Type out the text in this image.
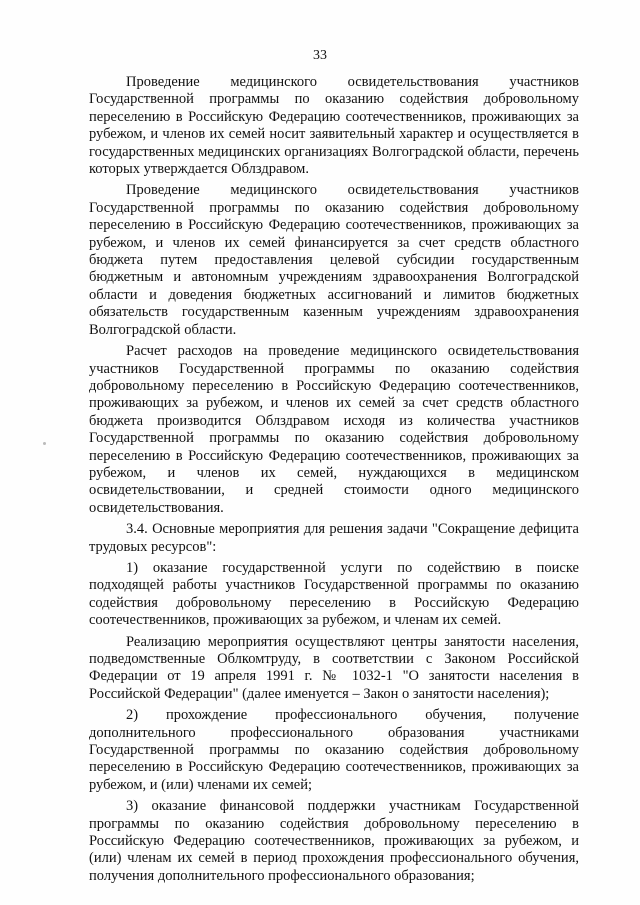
33

Проведение медицинского освидетельствования участников Государственной программы по оказанию содействия добровольному переселению в Российскую Федерацию соотечественников, проживающих за рубежом, и членов их семей носит заявительный характер и осуществляется в государственных медицинских организациях Волгоградской области, перечень которых утверждается Облздравом.

Проведение медицинского освидетельствования участников Государственной программы по оказанию содействия добровольному переселению в Российскую Федерацию соотечественников, проживающих за рубежом, и членов их семей финансируется за счет средств областного бюджета путем предоставления целевой субсидии государственным бюджетным и автономным учреждениям здравоохранения Волгоградской области и доведения бюджетных ассигнований и лимитов бюджетных обязательств государственным казенным учреждениям здравоохранения Волгоградской области.

Расчет расходов на проведение медицинского освидетельствования участников Государственной программы по оказанию содействия добровольному переселению в Российскую Федерацию соотечественников, проживающих за рубежом, и членов их семей за счет средств областного бюджета производится Облздравом исходя из количества участников Государственной программы по оказанию содействия добровольному переселению в Российскую Федерацию соотечественников, проживающих за рубежом, и членов их семей, нуждающихся в медицинском освидетельствовании, и средней стоимости одного медицинского освидетельствования.

3.4. Основные мероприятия для решения задачи "Сокращение дефицита трудовых ресурсов":

1) оказание государственной услуги по содействию в поиске подходящей работы участников Государственной программы по оказанию содействия добровольному переселению в Российскую Федерацию соотечественников, проживающих за рубежом, и членам их семей.

Реализацию мероприятия осуществляют центры занятости населения, подведомственные Облкомтруду, в соответствии с Законом Российской Федерации от 19 апреля 1991 г. № 1032-1 "О занятости населения в Российской Федерации" (далее именуется – Закон о занятости населения);

2) прохождение профессионального обучения, получение дополнительного профессионального образования участниками Государственной программы по оказанию содействия добровольному переселению в Российскую Федерацию соотечественников, проживающих за рубежом, и (или) членами их семей;

3) оказание финансовой поддержки участникам Государственной программы по оказанию содействия добровольному переселению в Российскую Федерацию соотечественников, проживающих за рубежом, и (или) членам их семей в период прохождения профессионального обучения, получения дополнительного профессионального образования;
